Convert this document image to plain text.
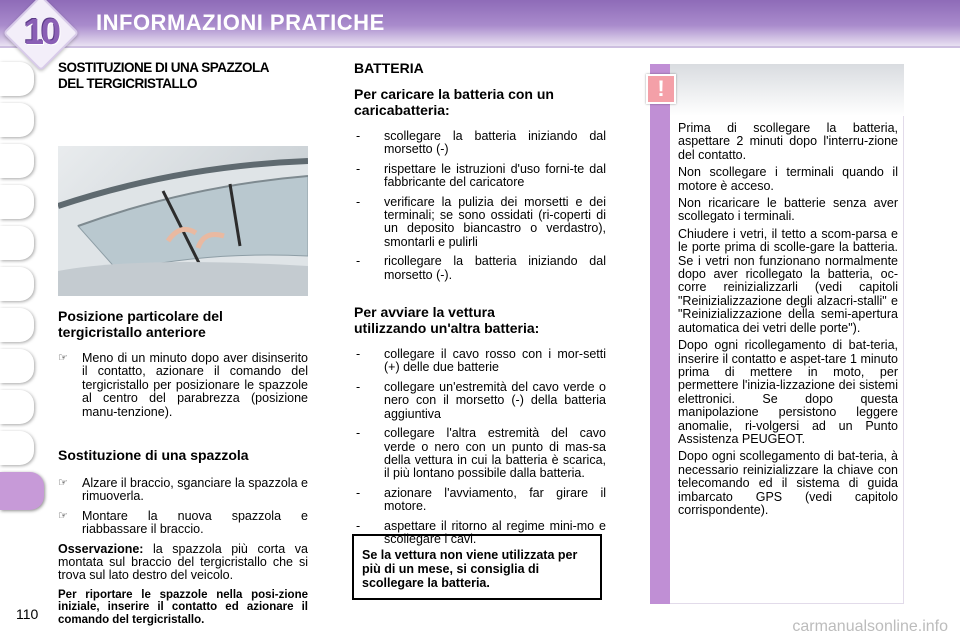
10 INFORMAZIONI PRATICHE

110

SOSTITUZIONE DI UNA SPAZZOLA
DEL TERGICRISTALLO
Posizione particolare del
tergicristallo anteriore
☞ Meno di un minuto dopo aver disinserito il contatto, azionare il comando del tergicristallo per posizionare le spazzole al centro del parabrezza (posizione manu-tenzione).
Sostituzione di una spazzola
☞ Alzare il braccio, sganciare la spazzola e rimuoverla.
☞ Montare la nuova spazzola e riabbassare il braccio.

Osservazione: la spazzola più corta va montata sul braccio del tergicristallo che si trova sul lato destro del veicolo.

Per riportare le spazzole nella posi-zione iniziale, inserire il contatto ed azionare il comando del tergicristallo.

BATTERIA
Per caricare la batteria con un
caricabatteria:
- scollegare la batteria iniziando dal morsetto (-)
- rispettare le istruzioni d'uso forni-te dal fabbricante del caricatore
- verificare la pulizia dei morsetti e dei terminali; se sono ossidati (ri-coperti di un deposito biancastro o verdastro), smontarli e pulirli
- ricollegare la batteria iniziando dal morsetto (-).
Per avviare la vettura
utilizzando un'altra batteria:
- collegare il cavo rosso con i mor-setti (+) delle due batterie
- collegare un'estremità del cavo verde o nero con il morsetto (-) della batteria aggiuntiva
- collegare l'altra estremità del cavo verde o nero con un punto di mas-sa della vettura in cui la batteria è scarica, il più lontano possibile dalla batteria.
- azionare l'avviamento, far girare il motore.
- aspettare il ritorno al regime mini-mo e scollegare i cavi.
Se la vettura non viene utilizzata per più di un mese, si consiglia di scollegare la batteria.
!

Prima di scollegare la batteria, aspettare 2 minuti dopo l'interru-zione del contatto.

Non scollegare i terminali quando il motore è acceso.

Non ricaricare le batterie senza aver scollegato i terminali.

Chiudere i vetri, il tetto a scom-parsa e le porte prima di scolle-gare la batteria. Se i vetri non funzionano normalmente dopo aver ricollegato la batteria, oc-corre reinizializzarli (vedi capitoli "Reinizializzazione degli alzacri-stalli" e "Reinizializzazione della semi-apertura automatica dei vetri delle porte").

Dopo ogni ricollegamento di bat-teria, inserire il contatto e aspet-tare 1 minuto prima di mettere in moto, per permettere l'inizia-lizzazione dei sistemi elettronici. Se dopo questa manipolazione persistono leggere anomalie, ri-volgersi ad un Punto Assistenza PEUGEOT.

Dopo ogni scollegamento di bat-teria, à necessario reinizializzare la chiave con telecomando ed il sistema di guida imbarcato GPS (vedi capitolo corrispondente).

carmanualsonline.info
